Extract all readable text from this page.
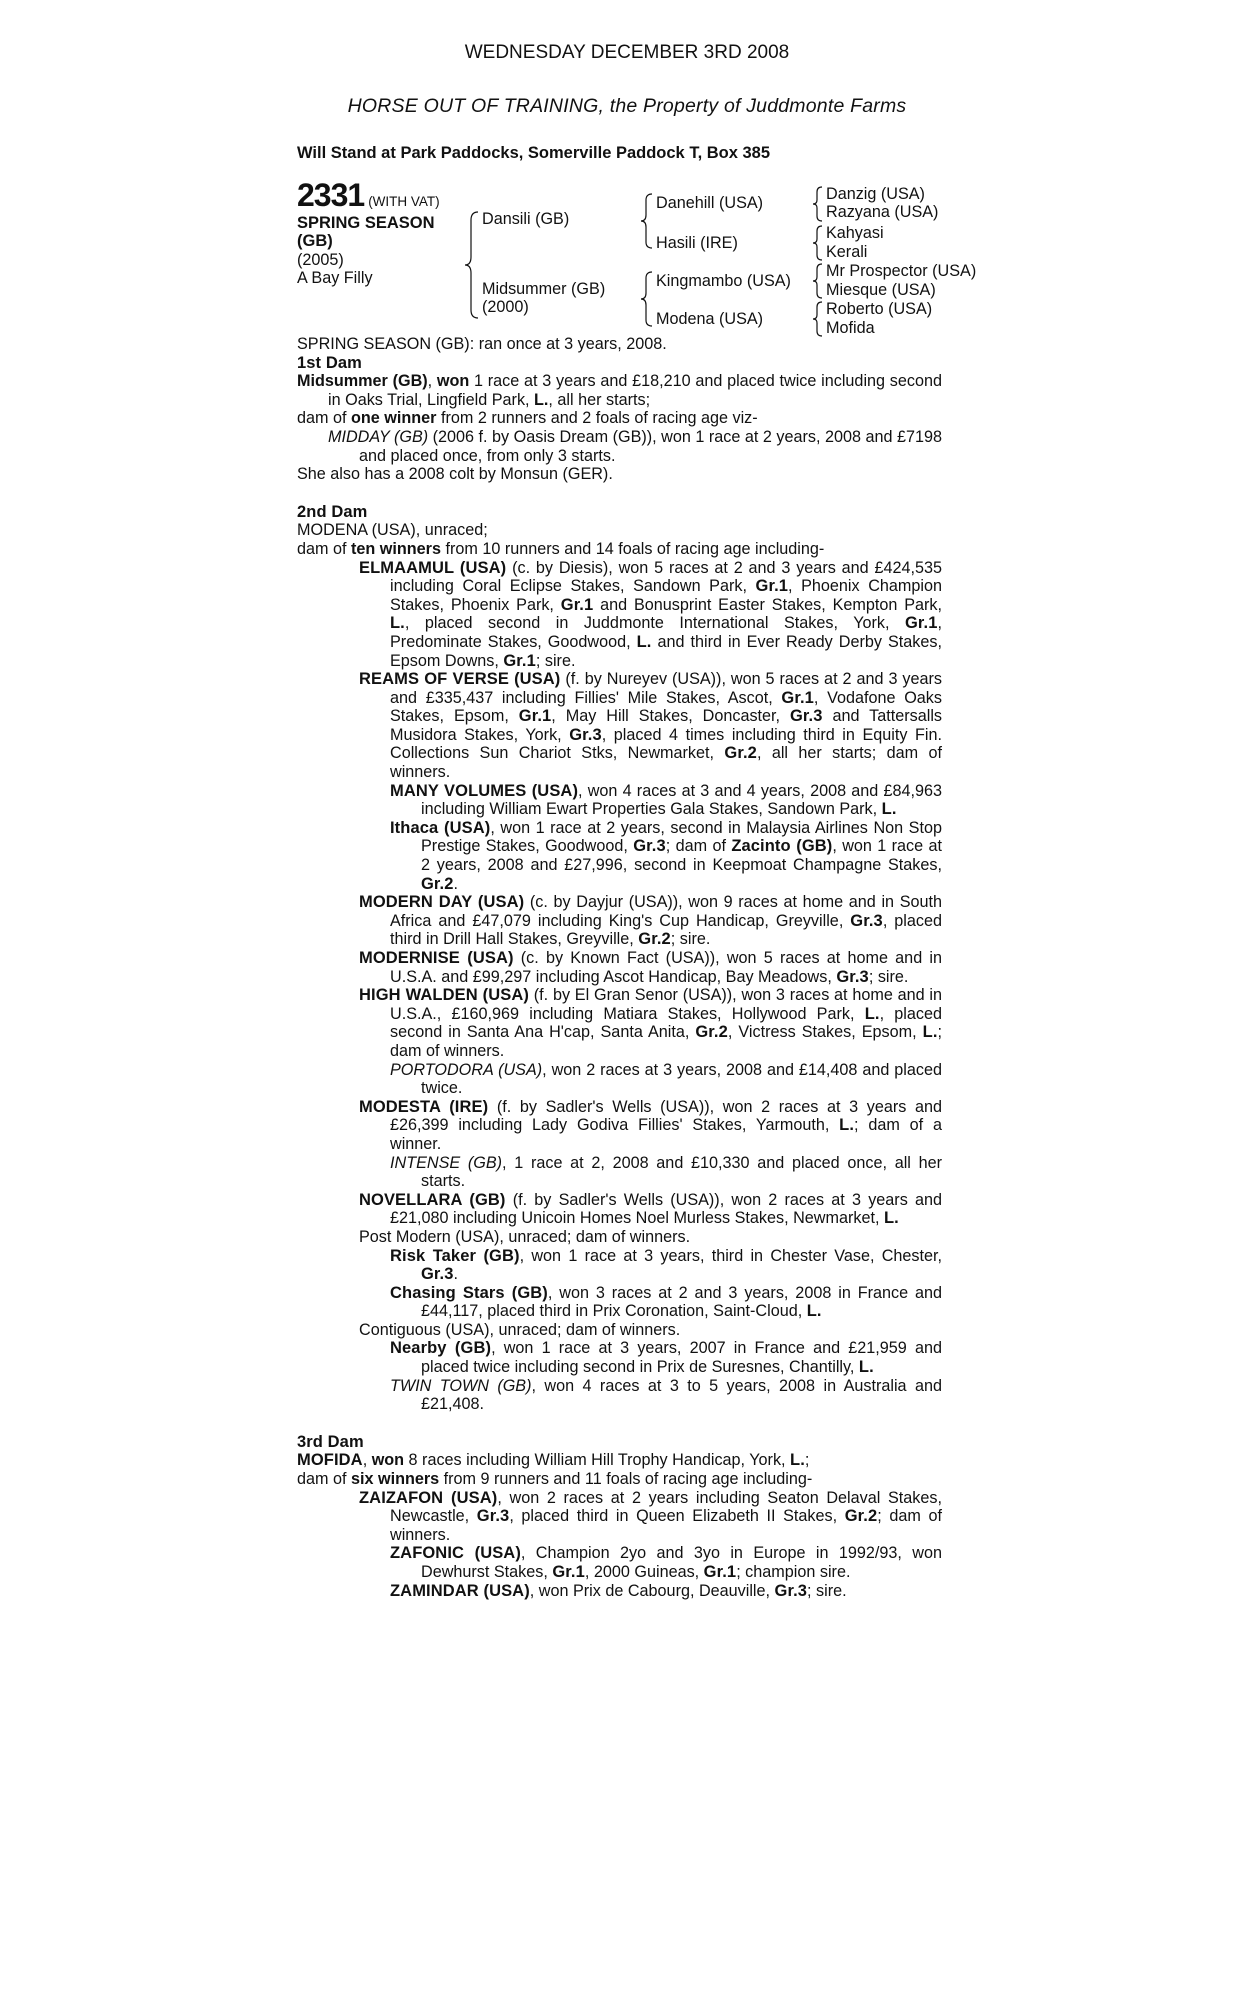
WEDNESDAY DECEMBER 3RD 2008
HORSE OUT OF TRAINING, the Property of Juddmonte Farms
Will Stand at Park Paddocks, Somerville Paddock T, Box 385
2331 (WITH VAT)
SPRING SEASON
(GB)
(2005)
A Bay Filly
Dansili (GB)
Midsummer (GB)
(2000)
Danehill (USA)
Hasili (IRE)
Kingmambo (USA)
Modena (USA)
Danzig (USA)
Razyana (USA)
Kahyasi
Kerali
Mr Prospector (USA)
Miesque (USA)
Roberto (USA)
Mofida

SPRING SEASON (GB): ran once at 3 years, 2008.

1st Dam

Midsummer (GB), won 1 race at 3 years and £18,210 and placed twice including second in Oaks Trial, Lingfield Park, L., all her starts;

dam of one winner from 2 runners and 2 foals of racing age viz-

MIDDAY (GB) (2006 f. by Oasis Dream (GB)), won 1 race at 2 years, 2008 and £7198 and placed once, from only 3 starts.

She also has a 2008 colt by Monsun (GER).

2nd Dam

MODENA (USA), unraced;

dam of ten winners from 10 runners and 14 foals of racing age including-

ELMAAMUL (USA) (c. by Diesis), won 5 races at 2 and 3 years and £424,535 including Coral Eclipse Stakes, Sandown Park, Gr.1, Phoenix Champion Stakes, Phoenix Park, Gr.1 and Bonusprint Easter Stakes, Kempton Park, L., placed second in Juddmonte International Stakes, York, Gr.1, Predominate Stakes, Goodwood, L. and third in Ever Ready Derby Stakes, Epsom Downs, Gr.1; sire.

REAMS OF VERSE (USA) (f. by Nureyev (USA)), won 5 races at 2 and 3 years and £335,437 including Fillies' Mile Stakes, Ascot, Gr.1, Vodafone Oaks Stakes, Epsom, Gr.1, May Hill Stakes, Doncaster, Gr.3 and Tattersalls Musidora Stakes, York, Gr.3, placed 4 times including third in Equity Fin. Collections Sun Chariot Stks, Newmarket, Gr.2, all her starts; dam of winners.

MANY VOLUMES (USA), won 4 races at 3 and 4 years, 2008 and £84,963 including William Ewart Properties Gala Stakes, Sandown Park, L.

Ithaca (USA), won 1 race at 2 years, second in Malaysia Airlines Non Stop Prestige Stakes, Goodwood, Gr.3; dam of Zacinto (GB), won 1 race at 2 years, 2008 and £27,996, second in Keepmoat Champagne Stakes, Gr.2.

MODERN DAY (USA) (c. by Dayjur (USA)), won 9 races at home and in South Africa and £47,079 including King's Cup Handicap, Greyville, Gr.3, placed third in Drill Hall Stakes, Greyville, Gr.2; sire.

MODERNISE (USA) (c. by Known Fact (USA)), won 5 races at home and in U.S.A. and £99,297 including Ascot Handicap, Bay Meadows, Gr.3; sire.

HIGH WALDEN (USA) (f. by El Gran Senor (USA)), won 3 races at home and in U.S.A., £160,969 including Matiara Stakes, Hollywood Park, L., placed second in Santa Ana H'cap, Santa Anita, Gr.2, Victress Stakes, Epsom, L.; dam of winners.

PORTODORA (USA), won 2 races at 3 years, 2008 and £14,408 and placed twice.

MODESTA (IRE) (f. by Sadler's Wells (USA)), won 2 races at 3 years and £26,399 including Lady Godiva Fillies' Stakes, Yarmouth, L.; dam of a winner.

INTENSE (GB), 1 race at 2, 2008 and £10,330 and placed once, all her starts.

NOVELLARA (GB) (f. by Sadler's Wells (USA)), won 2 races at 3 years and £21,080 including Unicoin Homes Noel Murless Stakes, Newmarket, L.

Post Modern (USA), unraced; dam of winners.

Risk Taker (GB), won 1 race at 3 years, third in Chester Vase, Chester, Gr.3.

Chasing Stars (GB), won 3 races at 2 and 3 years, 2008 in France and £44,117, placed third in Prix Coronation, Saint-Cloud, L.

Contiguous (USA), unraced; dam of winners.

Nearby (GB), won 1 race at 3 years, 2007 in France and £21,959 and placed twice including second in Prix de Suresnes, Chantilly, L.

TWIN TOWN (GB), won 4 races at 3 to 5 years, 2008 in Australia and £21,408.

3rd Dam

MOFIDA, won 8 races including William Hill Trophy Handicap, York, L.;

dam of six winners from 9 runners and 11 foals of racing age including-

ZAIZAFON (USA), won 2 races at 2 years including Seaton Delaval Stakes, Newcastle, Gr.3, placed third in Queen Elizabeth II Stakes, Gr.2; dam of winners.

ZAFONIC (USA), Champion 2yo and 3yo in Europe in 1992/93, won Dewhurst Stakes, Gr.1, 2000 Guineas, Gr.1; champion sire.

ZAMINDAR (USA), won Prix de Cabourg, Deauville, Gr.3; sire.
